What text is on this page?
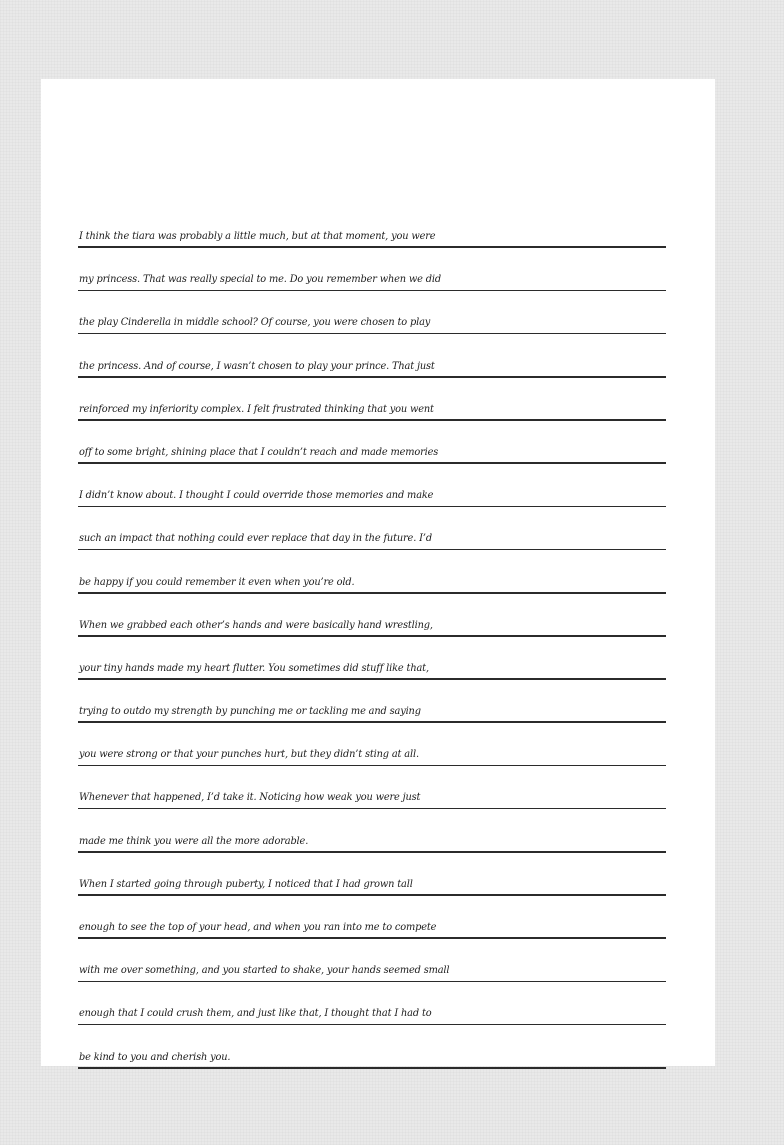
I think the tiara was probably a little much, but at that moment, you were
my princess. That was really special to me. Do you remember when we did
the play Cinderella in middle school? Of course, you were chosen to play
the princess. And of course, I wasn’t chosen to play your prince. That just
reinforced my inferiority complex. I felt frustrated thinking that you went
off to some bright, shining place that I couldn’t reach and made memories
I didn’t know about. I thought I could override those memories and make
such an impact that nothing could ever replace that day in the future. I’d
be happy if you could remember it even when you’re old.
When we grabbed each other’s hands and were basically hand wrestling,
your tiny hands made my heart flutter. You sometimes did stuff like that,
trying to outdo my strength by punching me or tackling me and saying
you were strong or that your punches hurt, but they didn’t sting at all.
Whenever that happened, I’d take it. Noticing how weak you were just
made me think you were all the more adorable.
When I started going through puberty, I noticed that I had grown tall
enough to see the top of your head, and when you ran into me to compete
with me over something, and you started to shake, your hands seemed small
enough that I could crush them, and just like that, I thought that I had to
be kind to you and cherish you.
